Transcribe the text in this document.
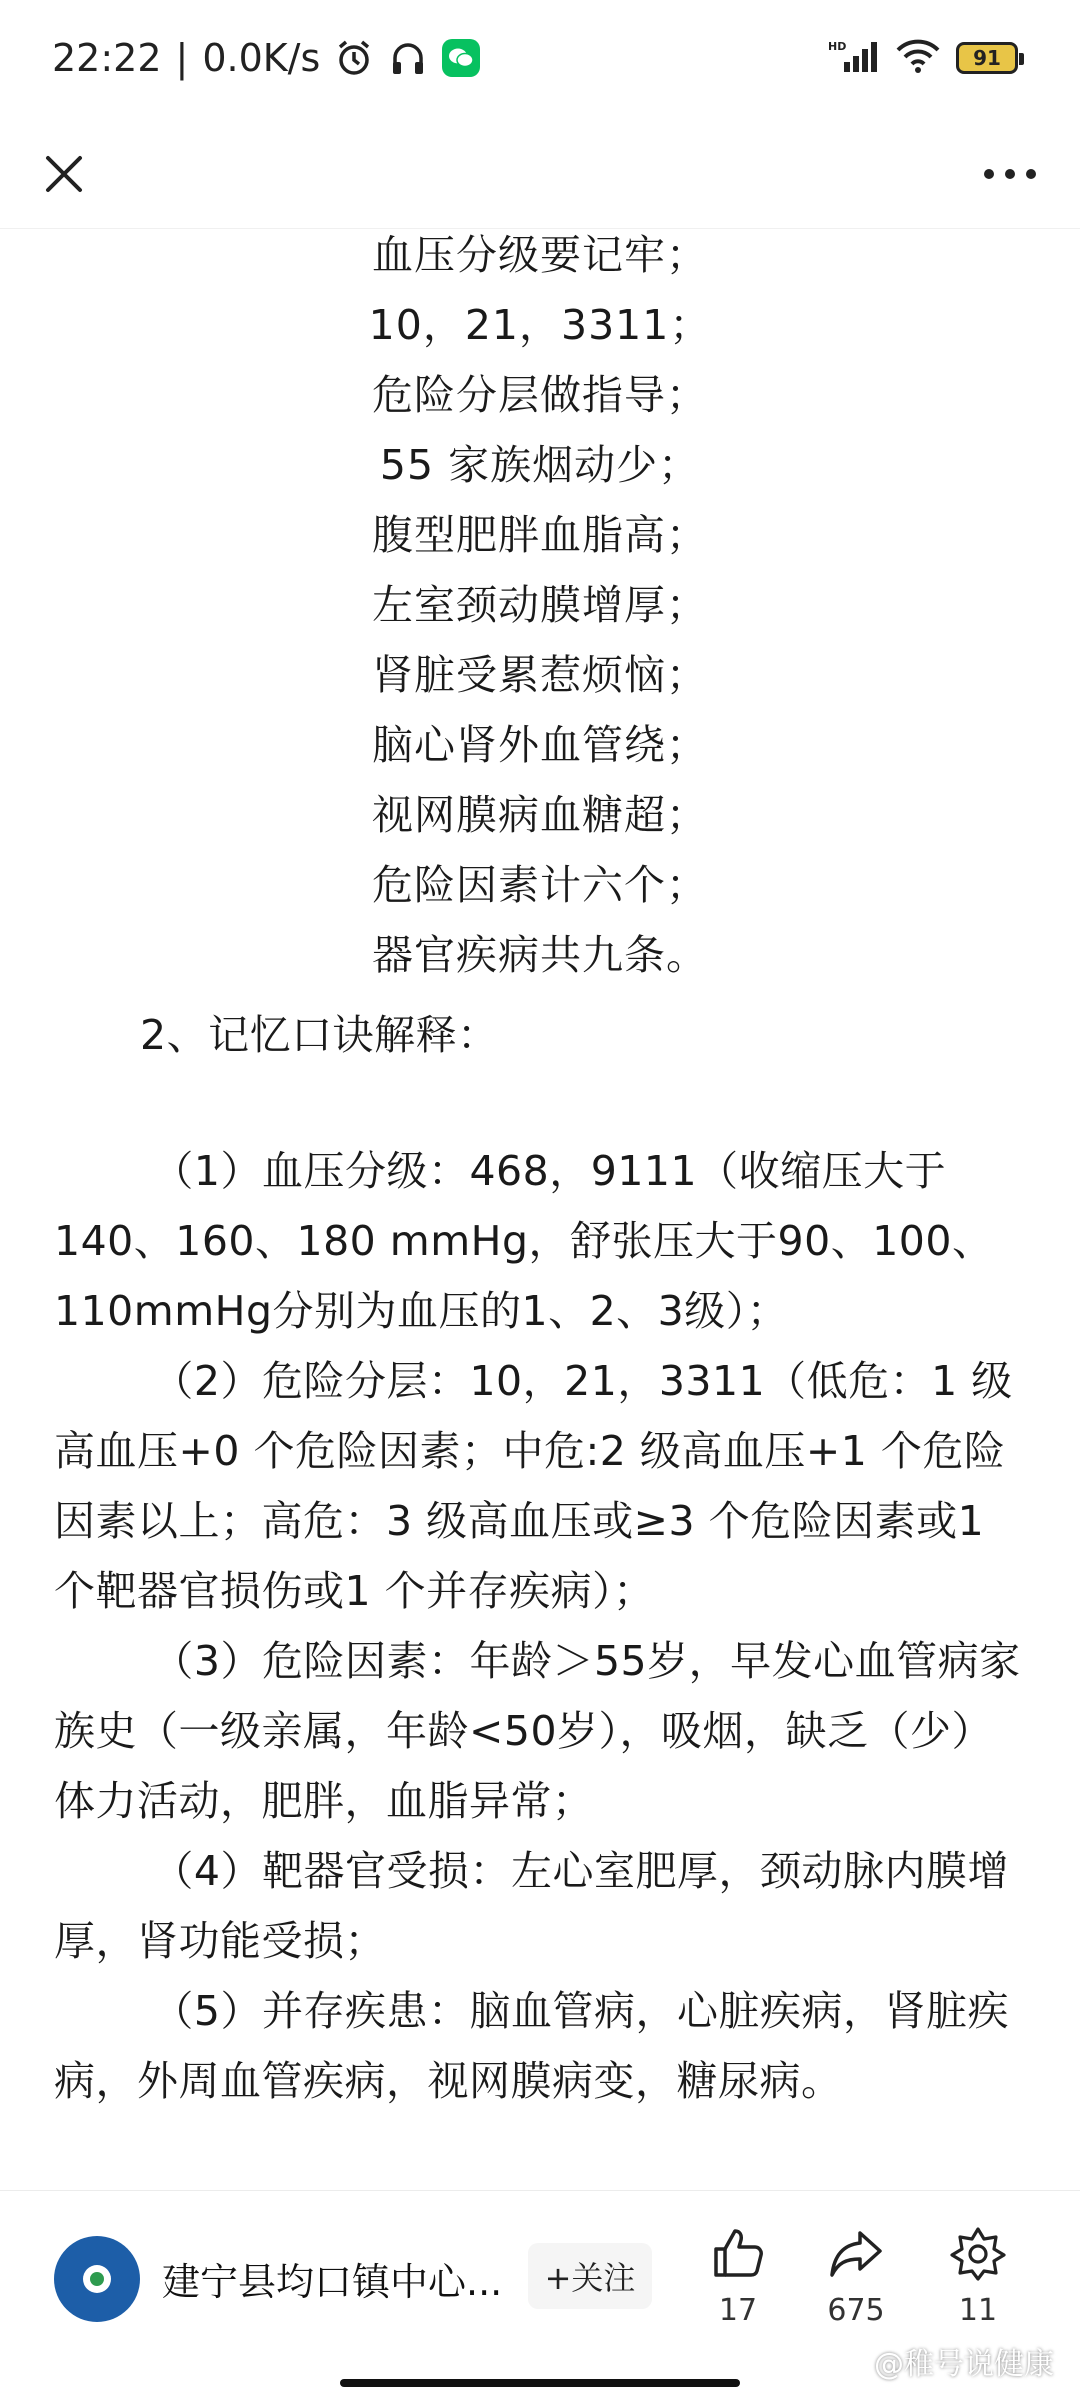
22:22 | 0.0K/s	HD	91
血压分级要记牢；
10，21，3311；
危险分层做指导；
55 家族烟动少；
腹型肥胖血脂高；
左室颈动膜增厚；
肾脏受累惹烦恼；
脑心肾外血管绕；
视网膜病血糖超；
危险因素计六个；
器官疾病共九条。
2、记忆口诀解释：
（1）血压分级：468，9111（收缩压大于140、160、180 mmHg，舒张压大于90、100、110mmHg分别为血压的1、2、3级）；
（2）危险分层：10，21，3311（低危：1 级高血压+0 个危险因素；中危:2 级高血压+1 个危险因素以上；高危：3 级高血压或≥3 个危险因素或1 个靶器官损伤或1 个并存疾病）；
（3）危险因素：年龄＞55岁，早发心血管病家族史（一级亲属，年龄<50岁），吸烟，缺乏（少）体力活动，肥胖，血脂异常；
（4）靶器官受损：左心室肥厚，颈动脉内膜增厚，肾功能受损；
（5）并存疾患：脑血管病，心脏疾病，肾脏疾病，外周血管疾病，视网膜病变，糖尿病。
建宁县均口镇中心...	+关注
17	675	11
@稚号说健康
